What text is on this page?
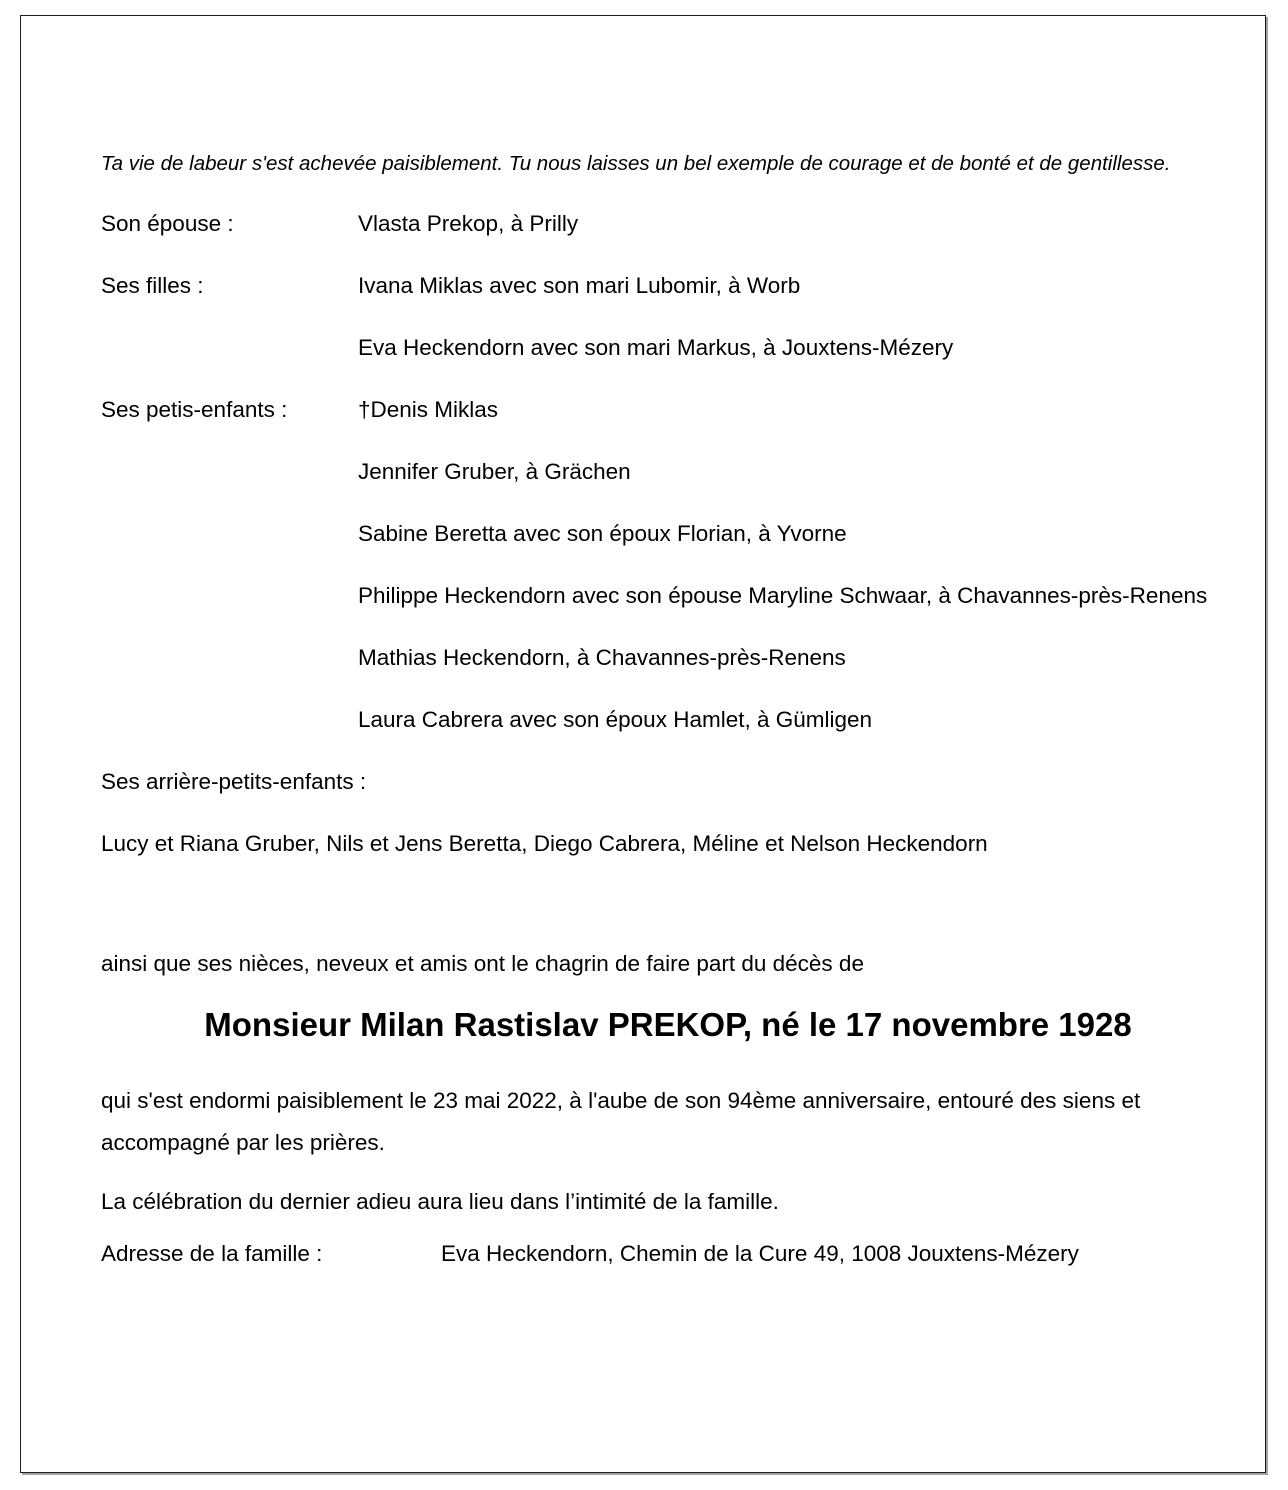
Ta vie de labeur s'est achevée paisiblement. Tu nous laisses un bel exemple de courage et de bonté et de gentillesse.

Son épouse :	Vlasta Prekop, à Prilly
Ses filles :	Ivana Miklas avec son mari Lubomir, à Worb
Eva Heckendorn avec son mari Markus, à Jouxtens-Mézery
Ses petis-enfants :	†Denis Miklas
Jennifer Gruber, à Grächen
Sabine Beretta avec son époux Florian, à Yvorne
Philippe Heckendorn avec son épouse Maryline Schwaar, à Chavannes-près-Renens
Mathias Heckendorn, à Chavannes-près-Renens
Laura Cabrera avec son époux Hamlet, à Gümligen

Ses arrière-petits-enfants :

Lucy et Riana Gruber, Nils et Jens Beretta, Diego Cabrera, Méline et Nelson Heckendorn

ainsi que ses nièces, neveux et amis ont le chagrin de faire part du décès de

Monsieur Milan Rastislav PREKOP, né le 17 novembre 1928

qui s'est endormi paisiblement le 23 mai 2022, à l'aube de son 94ème anniversaire, entouré des siens et accompagné par les prières.

La célébration du dernier adieu aura lieu dans l’intimité de la famille.

Adresse de la famille :	Eva Heckendorn, Chemin de la Cure 49, 1008 Jouxtens-Mézery
